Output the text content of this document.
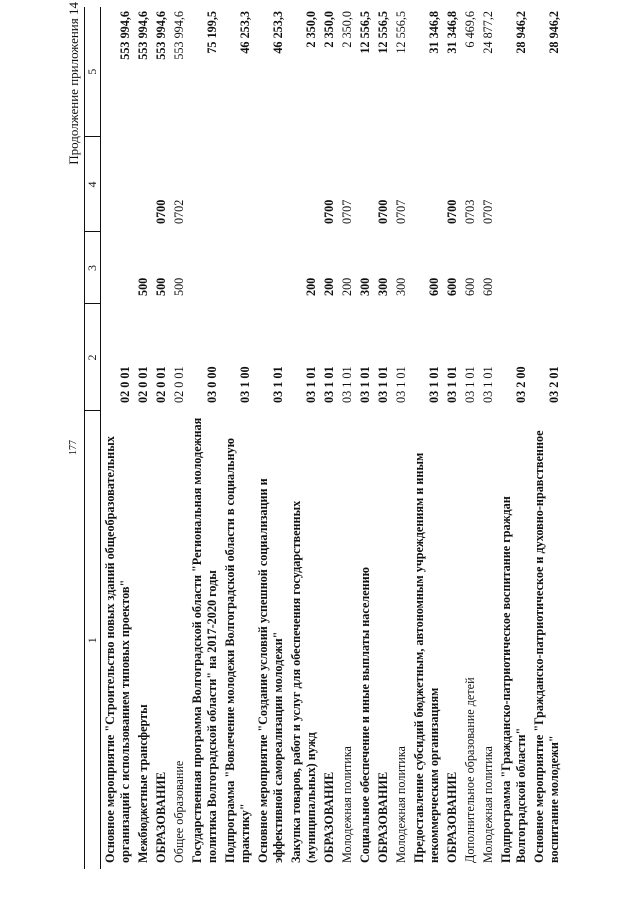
177
Продолжение приложения 14
1	2	3	4	5
Основное мероприятие "Строительство новых зданий общеобразовательных организаций с использованием типовых проектов"	02 0 01			553 994,6
Межбюджетные трансферты	02 0 01	500		553 994,6
ОБРАЗОВАНИЕ	02 0 01	500	0700	553 994,6
Общее образование	02 0 01	500	0702	553 994,6
Государственная программа Волгоградской области "Региональная молодежная политика Волгоградской области" на 2017-2020 годы	03 0 00			75 199,5
Подпрограмма "Вовлечение молодежи Волгоградской области в социальную практику"	03 1 00			46 253,3
Основное мероприятие "Создание условий успешной социализации и эффективной самореализации молодежи"	03 1 01			46 253,3
Закупка товаров, работ и услуг для обеспечения государственных (муниципальных) нужд	03 1 01	200		2 350,0
ОБРАЗОВАНИЕ	03 1 01	200	0700	2 350,0
Молодежная политика	03 1 01	200	0707	2 350,0
Социальное обеспечение и иные выплаты населению	03 1 01	300		12 556,5
ОБРАЗОВАНИЕ	03 1 01	300	0700	12 556,5
Молодежная политика	03 1 01	300	0707	12 556,5
Предоставление субсидий бюджетным, автономным учреждениям и иным некоммерческим организациям	03 1 01	600		31 346,8
ОБРАЗОВАНИЕ	03 1 01	600	0700	31 346,8
Дополнительное образование детей	03 1 01	600	0703	6 469,6
Молодежная политика	03 1 01	600	0707	24 877,2
Подпрограмма "Гражданско-патриотическое воспитание граждан Волгоградской области"	03 2 00			28 946,2
Основное мероприятие "Гражданско-патриотическое и духовно-нравственное воспитание молодежи"	03 2 01			28 946,2
